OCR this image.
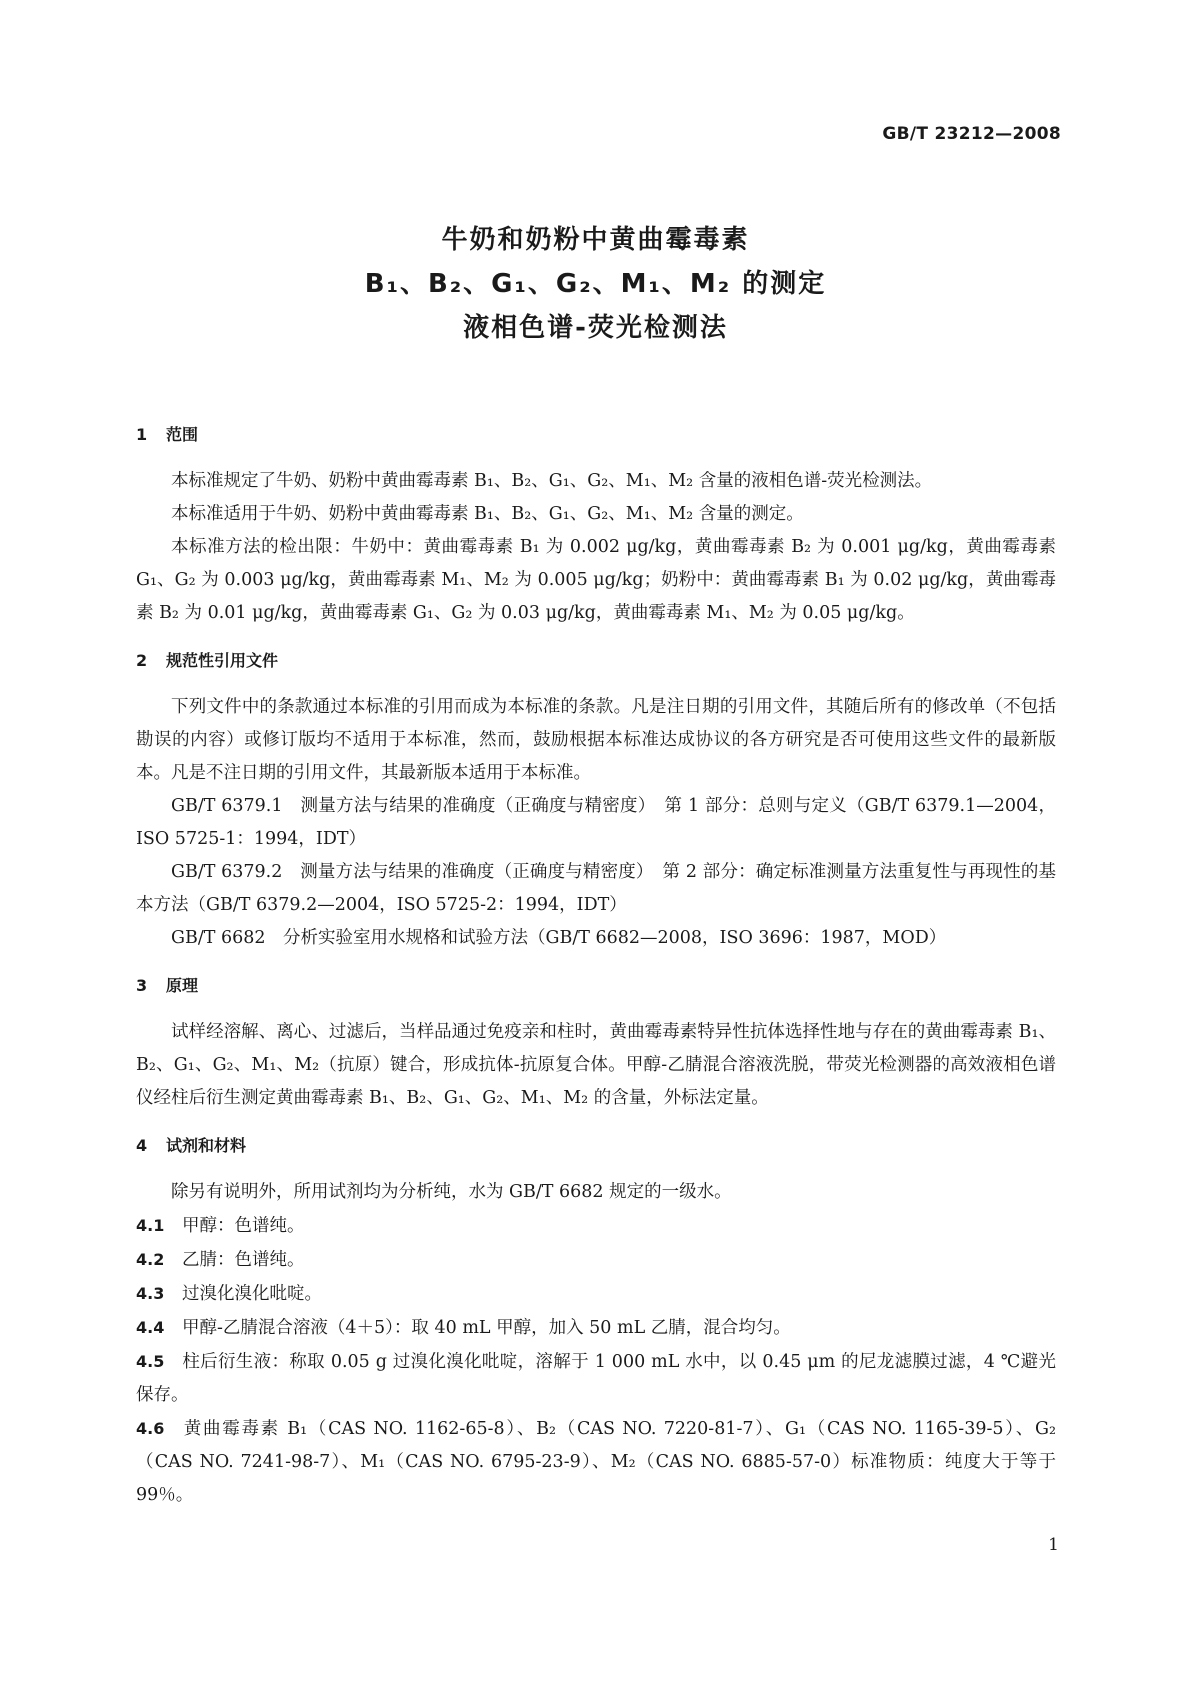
GB/T 23212—2008
牛奶和奶粉中黄曲霉毒素
B₁、B₂、G₁、G₂、M₁、M₂ 的测定
液相色谱-荧光检测法
1 范围
本标准规定了牛奶、奶粉中黄曲霉毒素 B₁、B₂、G₁、G₂、M₁、M₂ 含量的液相色谱-荧光检测法。
本标准适用于牛奶、奶粉中黄曲霉毒素 B₁、B₂、G₁、G₂、M₁、M₂ 含量的测定。
本标准方法的检出限：牛奶中：黄曲霉毒素 B₁ 为 0.002 μg/kg，黄曲霉毒素 B₂ 为 0.001 μg/kg，黄曲霉毒素G₁、G₂ 为 0.003 μg/kg，黄曲霉毒素 M₁、M₂ 为 0.005 μg/kg；奶粉中：黄曲霉毒素 B₁ 为 0.02 μg/kg，黄曲霉毒素 B₂ 为 0.01 μg/kg，黄曲霉毒素 G₁、G₂ 为 0.03 μg/kg，黄曲霉毒素 M₁、M₂ 为 0.05 μg/kg。
2 规范性引用文件
下列文件中的条款通过本标准的引用而成为本标准的条款。凡是注日期的引用文件，其随后所有的修改单（不包括勘误的内容）或修订版均不适用于本标准，然而，鼓励根据本标准达成协议的各方研究是否可使用这些文件的最新版本。凡是不注日期的引用文件，其最新版本适用于本标准。
GB/T 6379.1　测量方法与结果的准确度（正确度与精密度）　第 1 部分：总则与定义（GB/T 6379.1—2004，ISO 5725-1：1994，IDT）
GB/T 6379.2　测量方法与结果的准确度（正确度与精密度）　第 2 部分：确定标准测量方法重复性与再现性的基本方法（GB/T 6379.2—2004，ISO 5725-2：1994，IDT）
GB/T 6682　分析实验室用水规格和试验方法（GB/T 6682—2008，ISO 3696：1987，MOD）
3 原理
试样经溶解、离心、过滤后，当样品通过免疫亲和柱时，黄曲霉毒素特异性抗体选择性地与存在的黄曲霉毒素 B₁、B₂、G₁、G₂、M₁、M₂（抗原）键合，形成抗体-抗原复合体。甲醇-乙腈混合溶液洗脱，带荧光检测器的高效液相色谱仪经柱后衍生测定黄曲霉毒素 B₁、B₂、G₁、G₂、M₁、M₂ 的含量，外标法定量。
4 试剂和材料
除另有说明外，所用试剂均为分析纯，水为 GB/T 6682 规定的一级水。
4.1 甲醇：色谱纯。
4.2 乙腈：色谱纯。
4.3 过溴化溴化吡啶。
4.4 甲醇-乙腈混合溶液（4＋5）：取 40 mL 甲醇，加入 50 mL 乙腈，混合均匀。
4.5 柱后衍生液：称取 0.05 g 过溴化溴化吡啶，溶解于 1 000 mL 水中，以 0.45 μm 的尼龙滤膜过滤，4 ℃避光保存。
4.6 黄曲霉毒素 B₁（CAS NO. 1162-65-8）、B₂（CAS NO. 7220-81-7）、G₁（CAS NO. 1165-39-5）、G₂（CAS NO. 7241-98-7）、M₁（CAS NO. 6795-23-9）、M₂（CAS NO. 6885-57-0）标准物质：纯度大于等于 99％。
1
